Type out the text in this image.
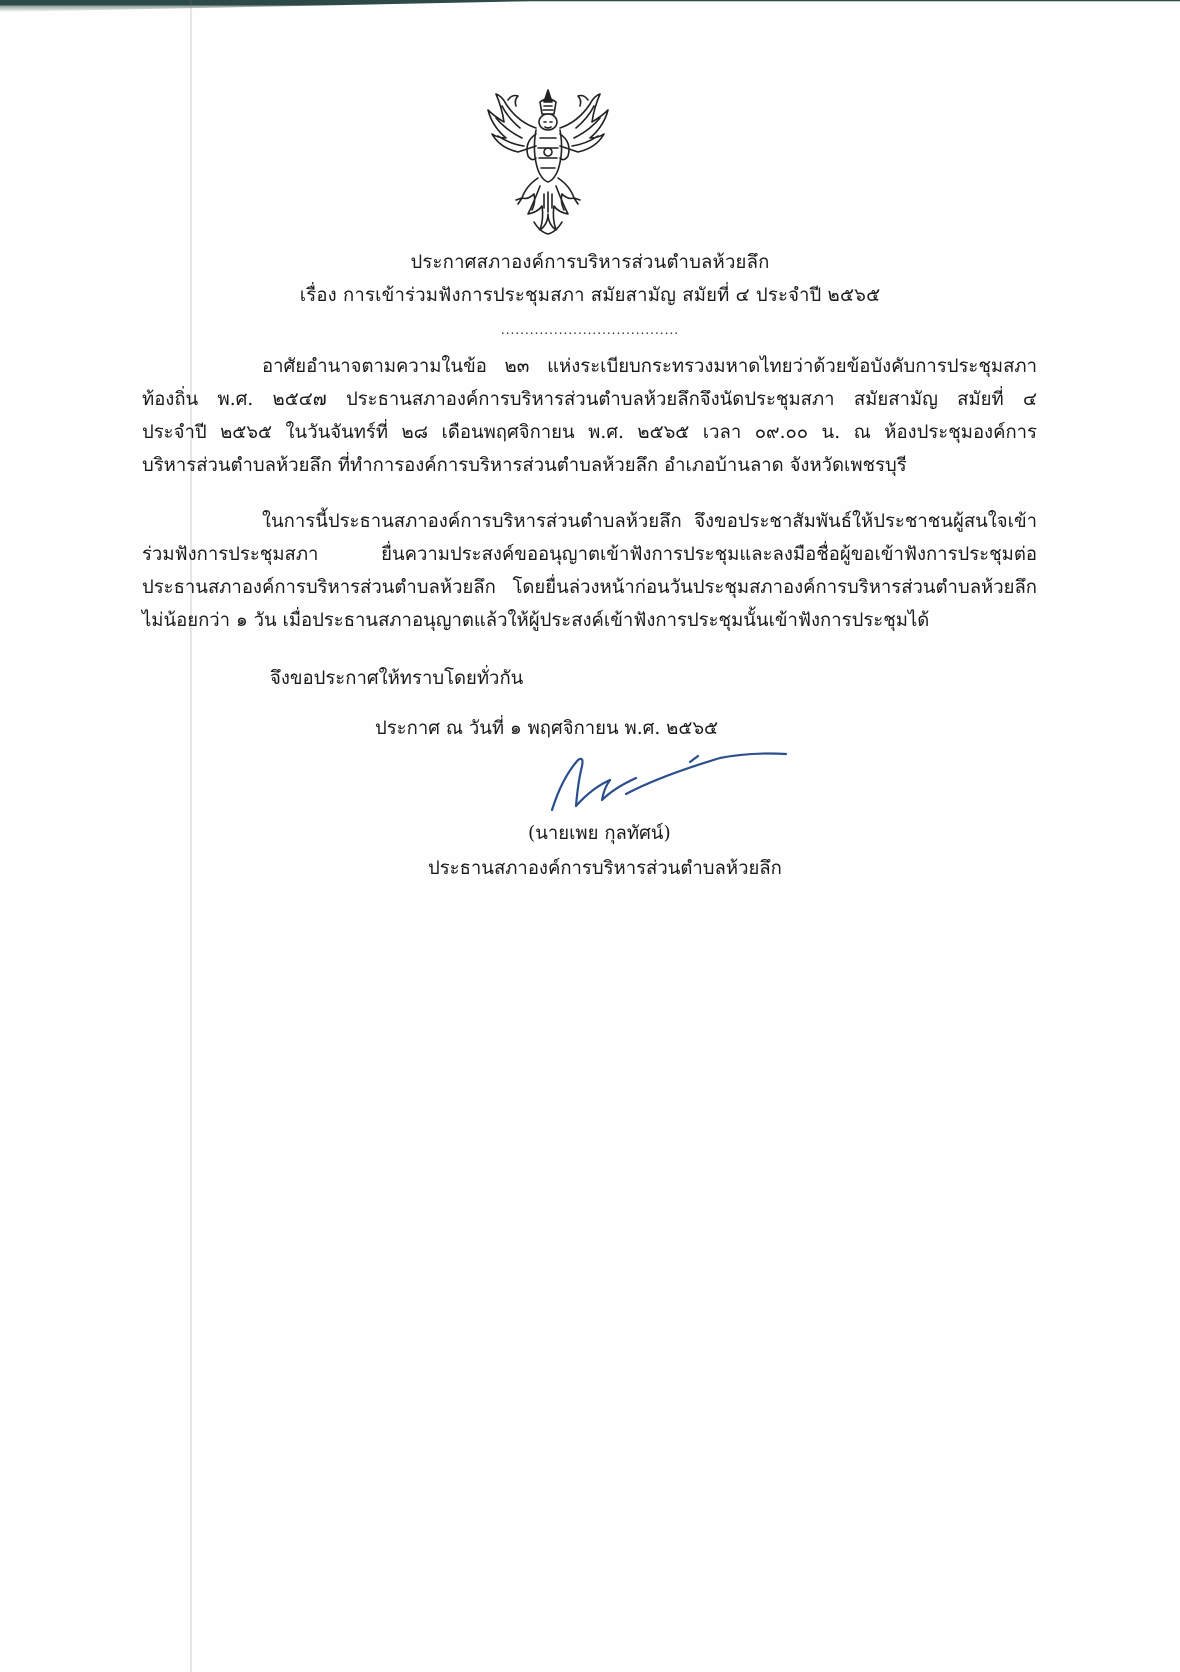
ประกาศสภาองค์การบริหารส่วนตำบลห้วยลึก
เรื่อง การเข้าร่วมฟังการประชุมสภา สมัยสามัญ สมัยที่ ๔ ประจำปี ๒๕๖๕
.....................................
อาศัยอำนาจตามความในข้อ ๒๓ แห่งระเบียบกระทรวงมหาดไทยว่าด้วยข้อบังคับการประชุมสภา
ท้องถิ่น พ.ศ. ๒๕๔๗ ประธานสภาองค์การบริหารส่วนตำบลห้วยลึกจึงนัดประชุมสภา สมัยสามัญ สมัยที่ ๔
ประจำปี ๒๕๖๕ ในวันจันทร์ที่ ๒๘ เดือนพฤศจิกายน พ.ศ. ๒๕๖๕ เวลา ๐๙.๐๐ น. ณ ห้องประชุมองค์การ
บริหารส่วนตำบลห้วยลึก ที่ทำการองค์การบริหารส่วนตำบลห้วยลึก อำเภอบ้านลาด จังหวัดเพชรบุรี
ในการนี้ประธานสภาองค์การบริหารส่วนตำบลห้วยลึก จึงขอประชาสัมพันธ์ให้ประชาชนผู้สนใจเข้า
ร่วมฟังการประชุมสภา ยื่นความประสงค์ขออนุญาตเข้าฟังการประชุมและลงมือชื่อผู้ขอเข้าฟังการประชุมต่อ
ประธานสภาองค์การบริหารส่วนตำบลห้วยลึก โดยยื่นล่วงหน้าก่อนวันประชุมสภาองค์การบริหารส่วนตำบลห้วยลึก
ไม่น้อยกว่า ๑ วัน เมื่อประธานสภาอนุญาตแล้วให้ผู้ประสงค์เข้าฟังการประชุมนั้นเข้าฟังการประชุมได้
จึงขอประกาศให้ทราบโดยทั่วกัน
ประกาศ ณ วันที่ ๑ พฤศจิกายน พ.ศ. ๒๕๖๕
(นายเพย กุลทัศน์)
ประธานสภาองค์การบริหารส่วนตำบลห้วยลึก
